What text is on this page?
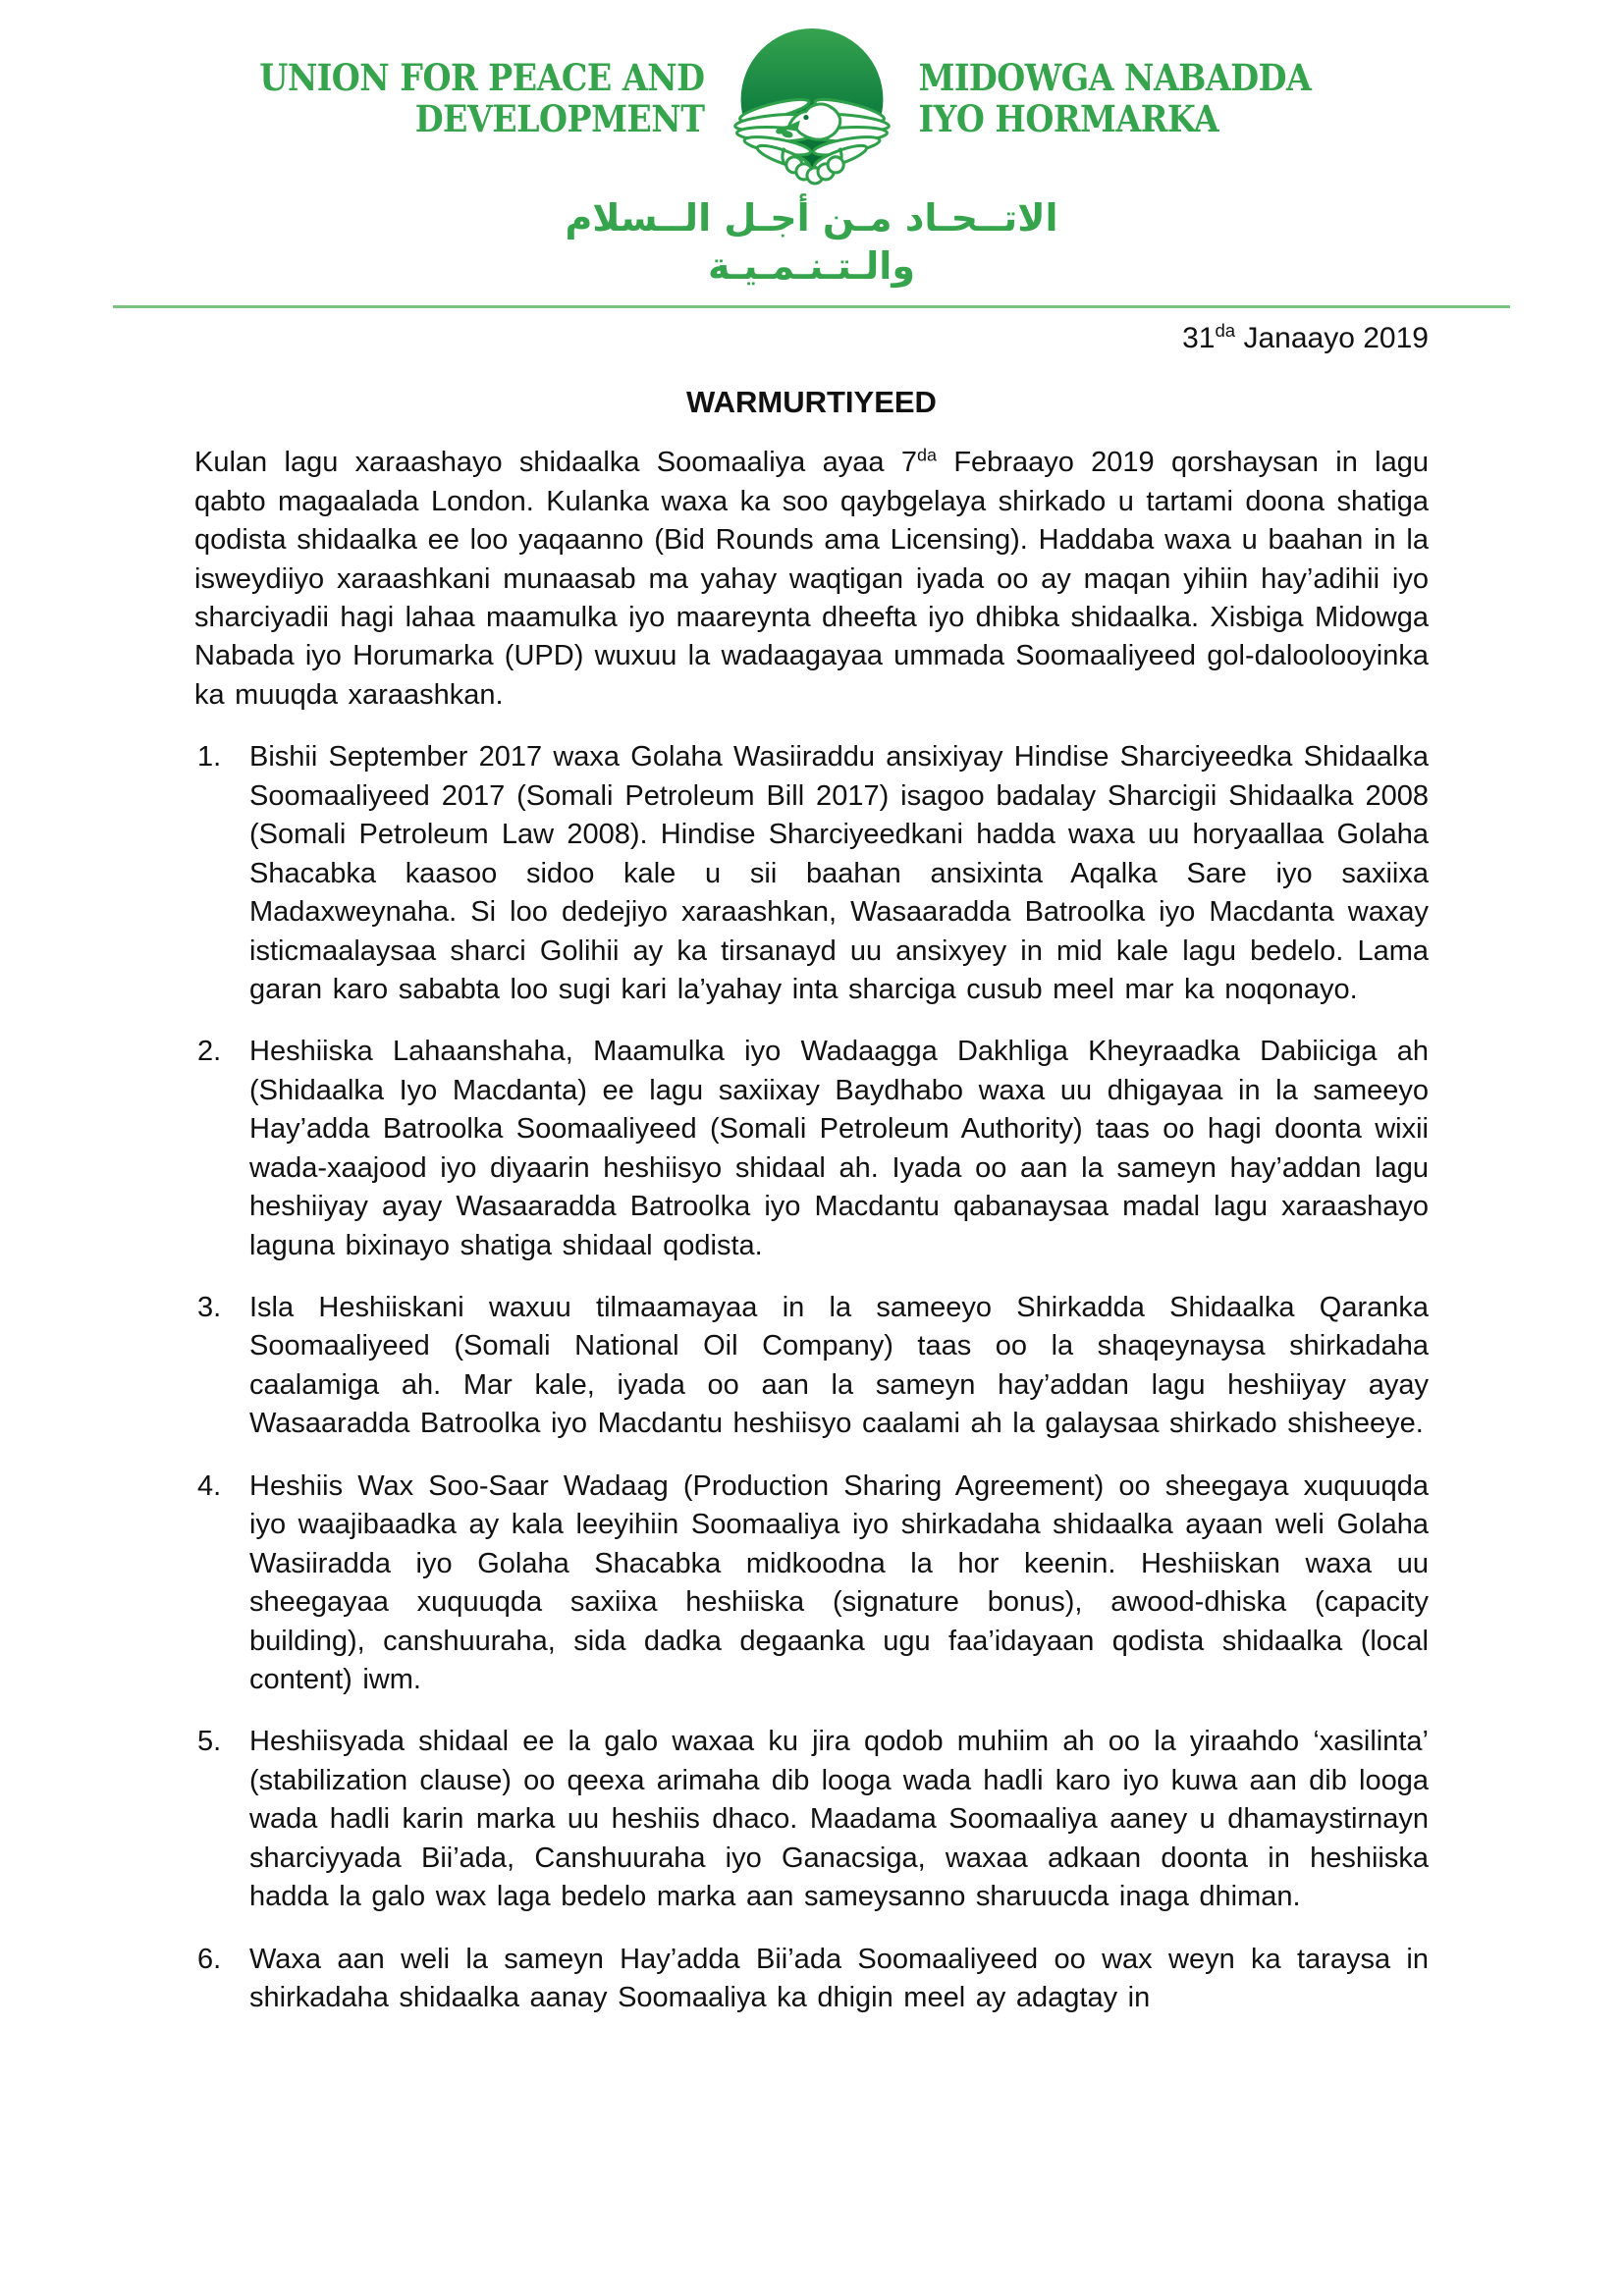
UNION FOR PEACE AND
DEVELOPMENT
MIDOWGA NABADDA
IYO HORMARKA
الاتــحـاد مـن أجـل الــسلام
والـتـنـمـيـة
$31^{da}$ Janaayo 2019
WARMURTIYEED

Kulan lagu xaraashayo shidaalka Soomaaliya ayaa $7^{da}$ Febraayo 2019 qorshaysan in lagu qabto magaalada London. Kulanka waxa ka soo qaybgelaya shirkado u tartami doona shatiga qodista shidaalka ee loo yaqaanno (Bid Rounds ama Licensing). Haddaba waxa u baahan in la isweydiiyo xaraashkani munaasab ma yahay waqtigan iyada oo ay maqan yihiin hay’adihii iyo sharciyadii hagi lahaa maamulka iyo maareynta dheefta iyo dhibka shidaalka. Xisbiga Midowga Nabada iyo Horumarka (UPD) wuxuu la wadaagayaa ummada Soomaaliyeed gol-daloolooyinka ka muuqda xaraashkan.

1. Bishii September 2017 waxa Golaha Wasiiraddu ansixiyay Hindise Sharciyeedka Shidaalka Soomaaliyeed 2017 (Somali Petroleum Bill 2017) isagoo badalay Sharcigii Shidaalka 2008 (Somali Petroleum Law 2008). Hindise Sharciyeedkani hadda waxa uu horyaallaa Golaha Shacabka kaasoo sidoo kale u sii baahan ansixinta Aqalka Sare iyo saxiixa Madaxweynaha. Si loo dedejiyo xaraashkan, Wasaaradda Batroolka iyo Macdanta waxay isticmaalaysaa sharci Golihii ay ka tirsanayd uu ansixyey in mid kale lagu bedelo. Lama garan karo sababta loo sugi kari la’yahay inta sharciga cusub meel mar ka noqonayo.
2. Heshiiska Lahaanshaha, Maamulka iyo Wadaagga Dakhliga Kheyraadka Dabiiciga ah (Shidaalka Iyo Macdanta) ee lagu saxiixay Baydhabo waxa uu dhigayaa in la sameeyo Hay’adda Batroolka Soomaaliyeed (Somali Petroleum Authority) taas oo hagi doonta wixii wada-xaajood iyo diyaarin heshiisyo shidaal ah. Iyada oo aan la sameyn hay’addan lagu heshiiyay ayay Wasaaradda Batroolka iyo Macdantu qabanaysaa madal lagu xaraashayo laguna bixinayo shatiga shidaal qodista.
3. Isla Heshiiskani waxuu tilmaamayaa in la sameeyo Shirkadda Shidaalka Qaranka Soomaaliyeed (Somali National Oil Company) taas oo la shaqeynaysa shirkadaha caalamiga ah. Mar kale, iyada oo aan la sameyn hay’addan lagu heshiiyay ayay Wasaaradda Batroolka iyo Macdantu heshiisyo caalami ah la galaysaa shirkado shisheeye.
4. Heshiis Wax Soo-Saar Wadaag (Production Sharing Agreement) oo sheegaya xuquuqda iyo waajibaadka ay kala leeyihiin Soomaaliya iyo shirkadaha shidaalka ayaan weli Golaha Wasiiradda iyo Golaha Shacabka midkoodna la hor keenin. Heshiiskan waxa uu sheegayaa xuquuqda saxiixa heshiiska (signature bonus), awood-dhiska (capacity building), canshuuraha, sida dadka degaanka ugu faa’idayaan qodista shidaalka (local content) iwm.
5. Heshiisyada shidaal ee la galo waxaa ku jira qodob muhiim ah oo la yiraahdo ‘xasilinta’ (stabilization clause) oo qeexa arimaha dib looga wada hadli karo iyo kuwa aan dib looga wada hadli karin marka uu heshiis dhaco. Maadama Soomaaliya aaney u dhamaystirnayn sharciyyada Bii’ada, Canshuuraha iyo Ganacsiga, waxaa adkaan doonta in heshiiska hadda la galo wax laga bedelo marka aan sameysanno sharuucda inaga dhiman.
6. Waxa aan weli la sameyn Hay’adda Bii’ada Soomaaliyeed oo wax weyn ka taraysa in shirkadaha shidaalka aanay Soomaaliya ka dhigin meel ay adagtay in
